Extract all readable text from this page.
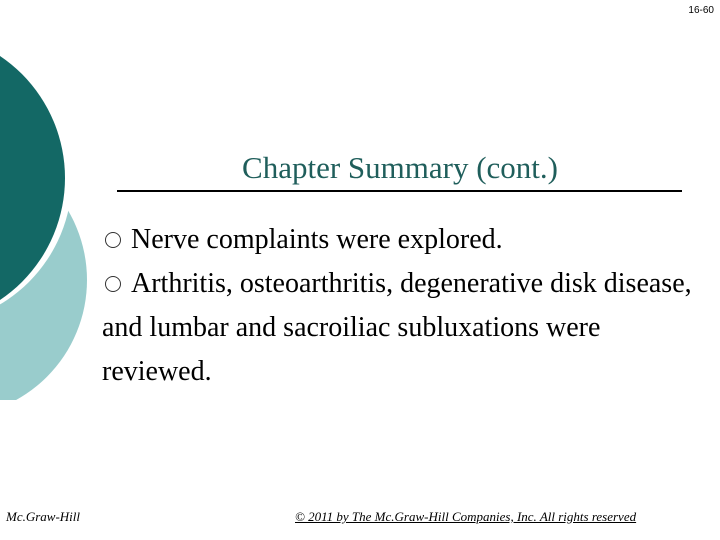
16-60
Chapter Summary (cont.)
Nerve complaints were explored.
Arthritis, osteoarthritis, degenerative disk disease, and lumbar and sacroiliac subluxations were reviewed.
Mc.Graw-Hill	© 2011 by The Mc.Graw-Hill Companies, Inc. All rights reserved
